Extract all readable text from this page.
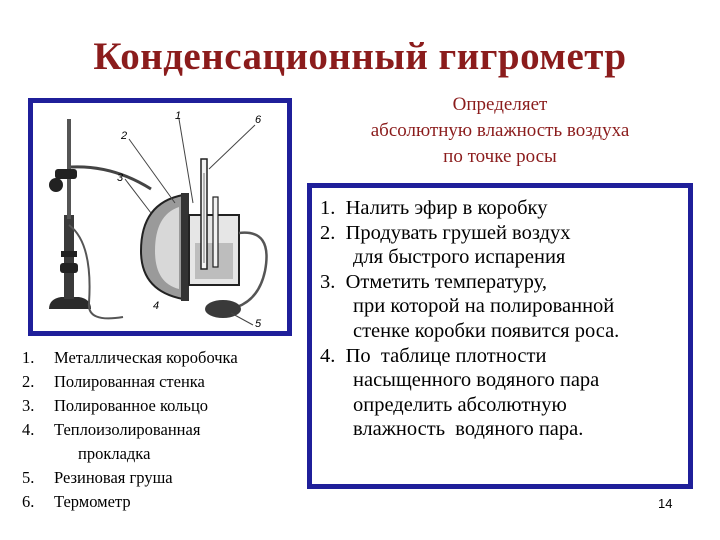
Конденсационный гигрометр
1
2
3
4
5
6
Определяет
абсолютную влажность воздуха
по точке росы
1.  Налить эфир в коробку
2.  Продувать грушей воздух
для быстрого испарения
3.  Отметить температуру,
при которой на полированной
стенке коробки появится роса.
4.  По  таблице плотности
насыщенного водяного пара
определить абсолютную
влажность  водяного пара.
1. Металлическая коробочка
2. Полированная стенка
3. Полированное кольцо
4. Теплоизолированная
прокладка
5. Резиновая груша
6. Термометр	14
